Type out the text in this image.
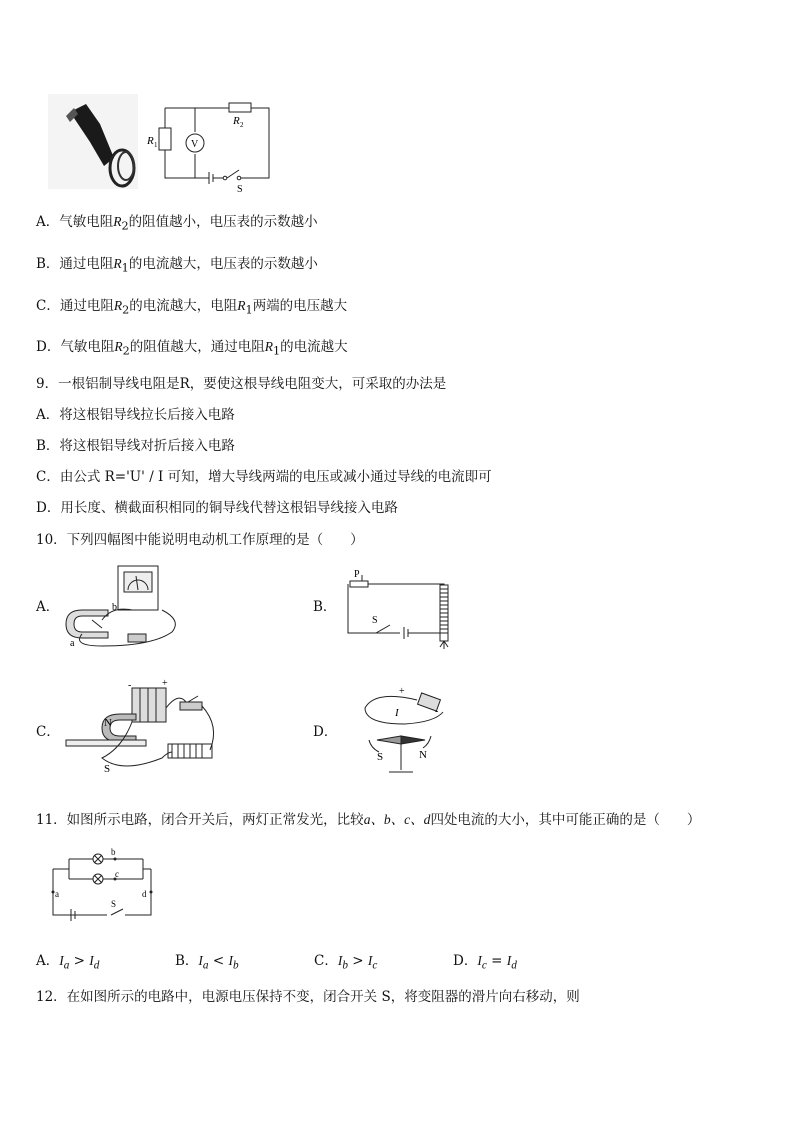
R 1	V
R 2
S
A．气敏电阻$R_2$的阻值越小，电压表的示数越小
B．通过电阻$R_1$的电流越大，电压表的示数越小
C．通过电阻$R_2$的电流越大，电阻$R_1$两端的电压越大
D．气敏电阻$R_2$的阻值越大，通过电阻$R_1$的电流越大
9．一根铝制导线电阻是R，要使这根导线电阻变大，可采取的办法是
A．将这根铝导线拉长后接入电路
B．将这根铝导线对折后接入电路
C．由公式 R='U' / I 可知，增大导线两端的电压或减小通过导线的电流即可
D．用长度、横截面积相同的铜导线代替这根铝导线接入电路
10．下列四幅图中能说明电动机工作原理的是（　　）
A．
a
b	B．
P
S
C．
N
S
-	+
D．
I
S	N
+
-
11．如图所示电路，闭合开关后，两灯正常发光，比较a、b、c、d四处电流的大小，其中可能正确的是（　　）
a
b
c
d
S
A．$I_a > I_d$	B．$I_a < I_b$	C．$I_b > I_c$	D．$I_c = I_d$
12．在如图所示的电路中，电源电压保持不变，闭合开关 S，将变阻器的滑片向右移动，则
